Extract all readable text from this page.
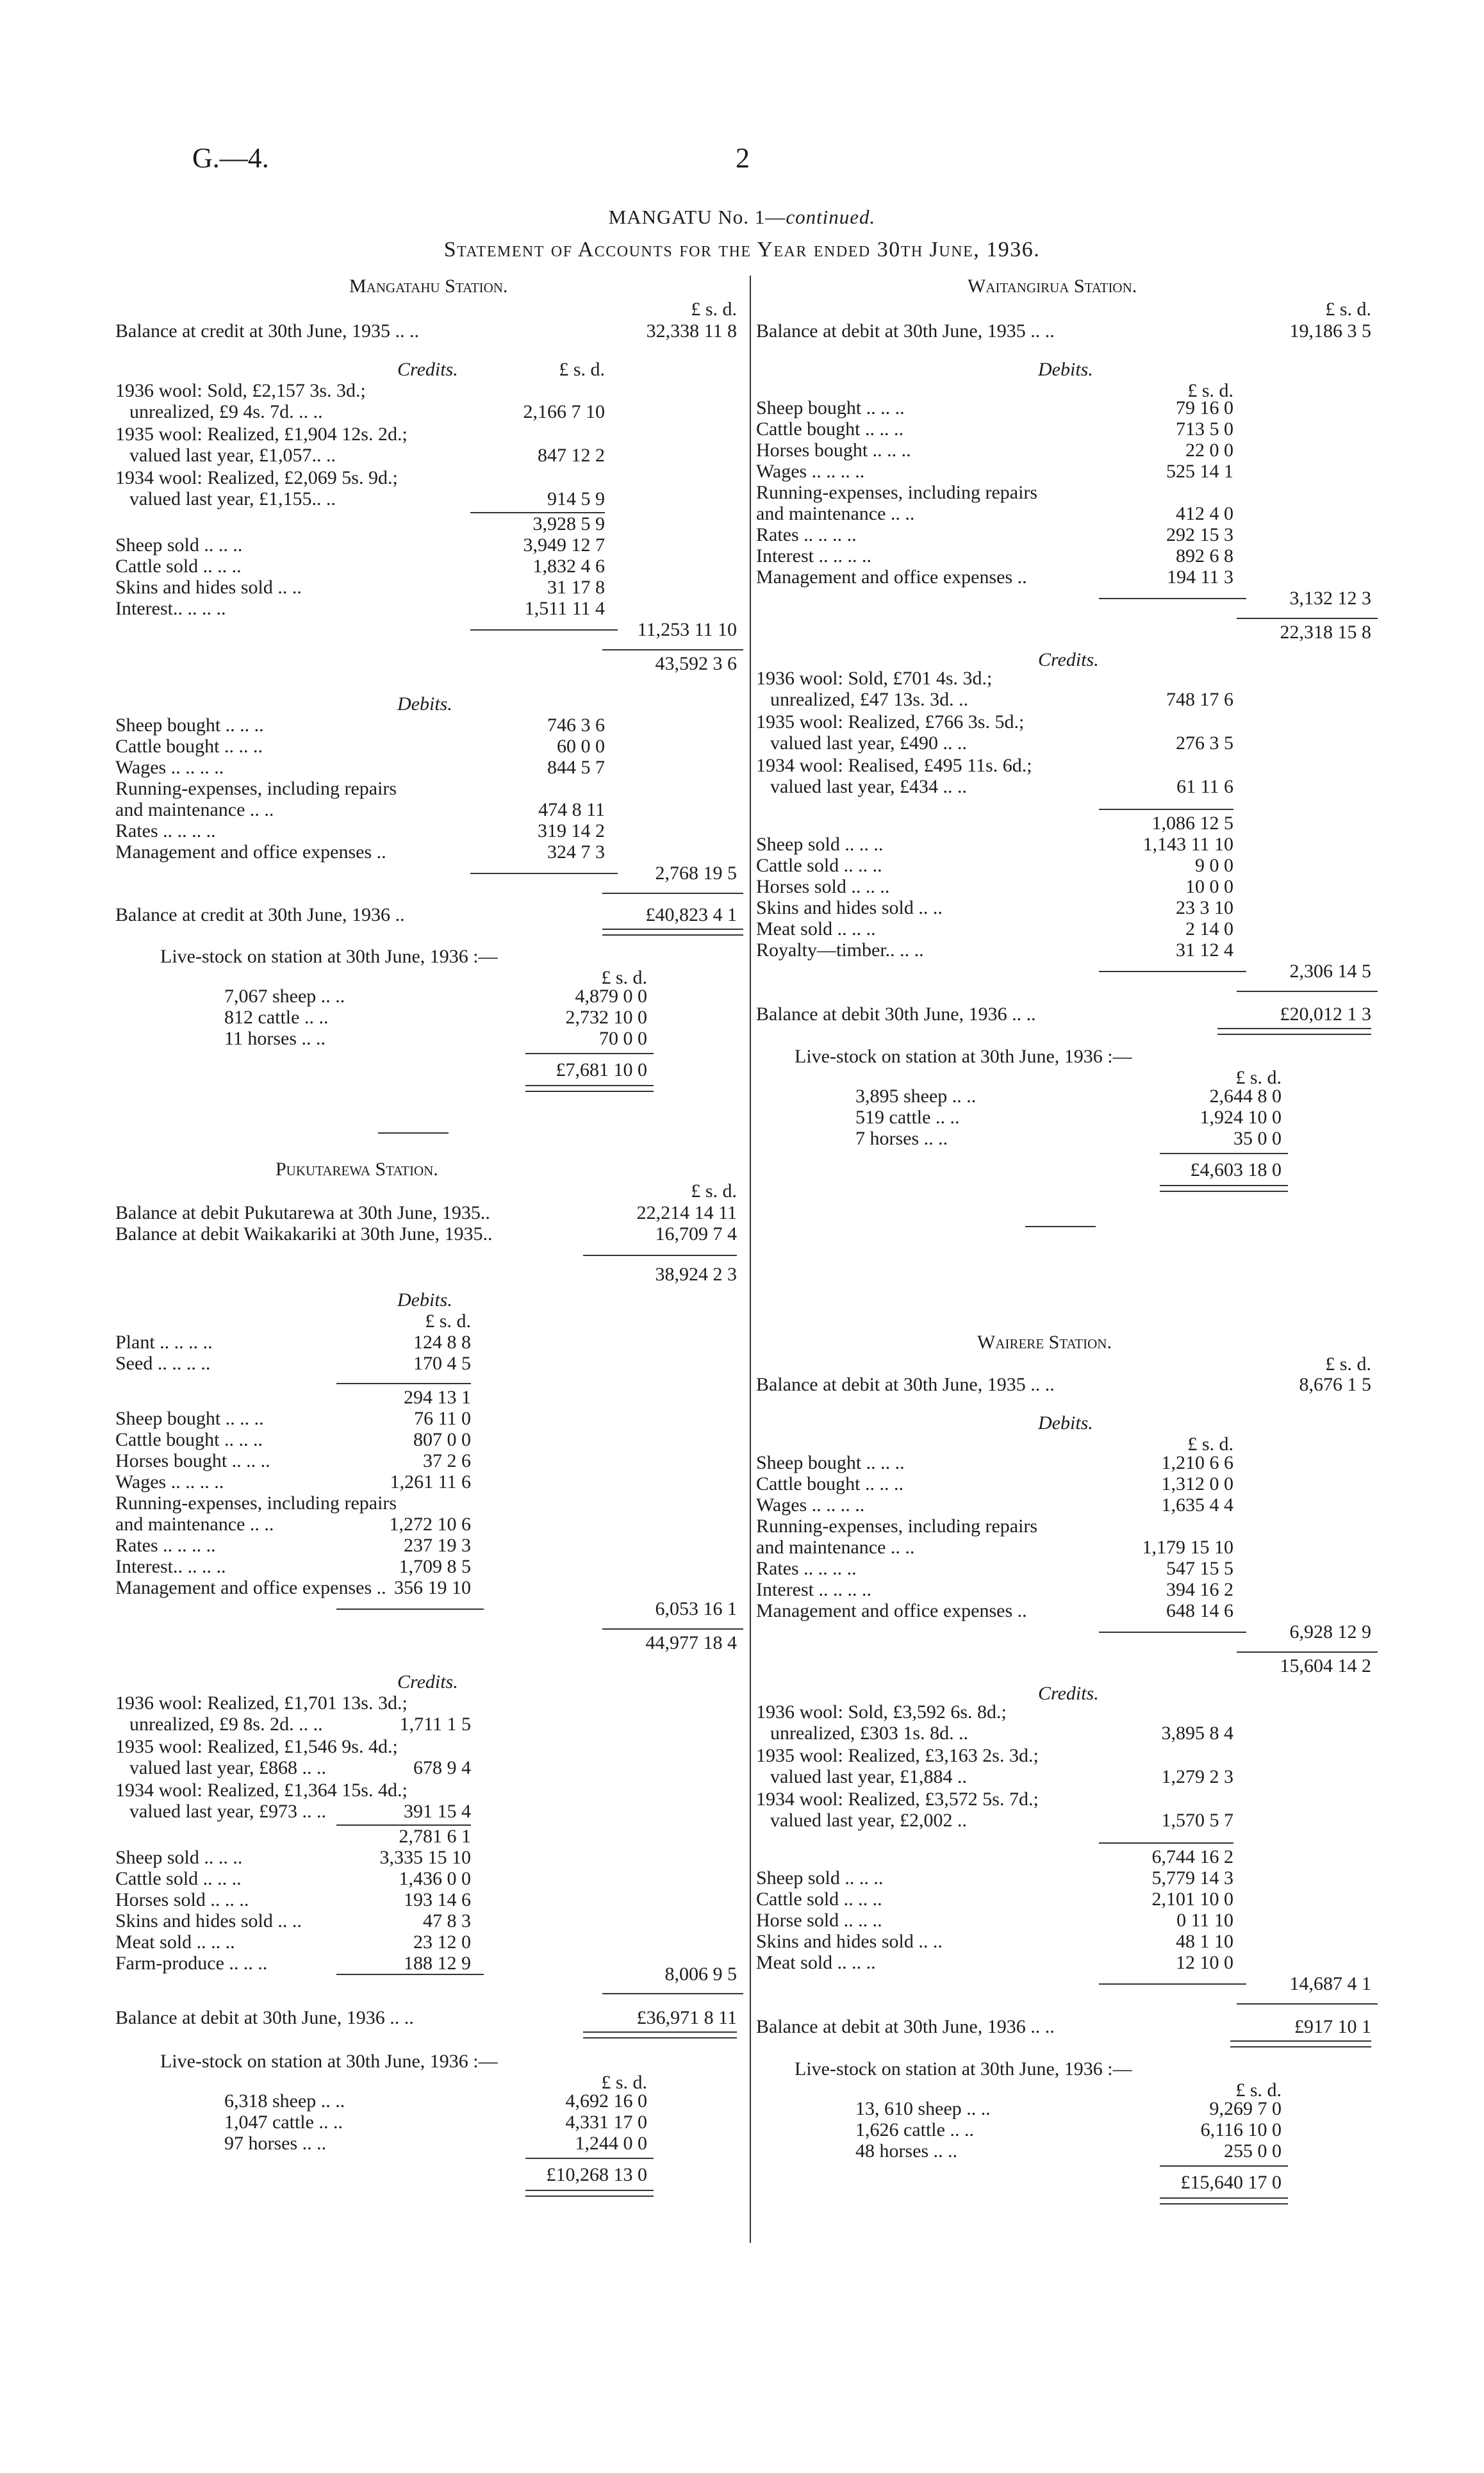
G.—4.	2
MANGATU No. 1—continued.
Statement of Accounts for the Year ended 30th June, 1936.
Mangatahu Station.
£ s. d.
Balance at credit at 30th June, 1935 .. ..	32,338 11 8
Credits.	£ s. d.
1936 wool: Sold, £2,157 3s. 3d.;
unrealized, £9 4s. 7d. .. ..	2,166 7 10
1935 wool: Realized, £1,904 12s. 2d.;
valued last year, £1,057.. ..	847 12 2
1934 wool: Realized, £2,069 5s. 9d.;
valued last year, £1,155.. ..	914 5 9
3,928 5 9
Sheep sold .. .. ..	3,949 12 7
Cattle sold .. .. ..	1,832 4 6
Skins and hides sold .. ..	31 17 8
Interest.. .. .. ..	1,511 11 4
11,253 11 10
43,592 3 6
Debits.
Sheep bought .. .. ..	746 3 6
Cattle bought .. .. ..	60 0 0
Wages .. .. .. ..	844 5 7
Running-expenses, including repairs
and maintenance .. ..	474 8 11
Rates .. .. .. ..	319 14 2
Management and office expenses ..	324 7 3
2,768 19 5
Balance at credit at 30th June, 1936 ..	£40,823 4 1
Live-stock on station at 30th June, 1936 :—
£ s. d.
7,067 sheep .. ..	4,879 0 0
812 cattle .. ..	2,732 10 0
11 horses .. ..	70 0 0
£7,681 10 0
Pukutarewa Station.
£ s. d.
Balance at debit Pukutarewa at 30th June, 1935..	22,214 14 11
Balance at debit Waikakariki at 30th June, 1935..	16,709 7 4
38,924 2 3
Debits.
£ s. d.
Plant .. .. .. ..	124 8 8
Seed .. .. .. ..	170 4 5
294 13 1
Sheep bought .. .. ..	76 11 0
Cattle bought .. .. ..	807 0 0
Horses bought .. .. ..	37 2 6
Wages .. .. .. ..	1,261 11 6
Running-expenses, including repairs
and maintenance .. ..	1,272 10 6
Rates .. .. .. ..	237 19 3
Interest.. .. .. ..	1,709 8 5
Management and office expenses .. 356 19 10
6,053 16 1
44,977 18 4
Credits.
1936 wool: Realized, £1,701 13s. 3d.;
unrealized, £9 8s. 2d. .. ..	1,711 1 5
1935 wool: Realized, £1,546 9s. 4d.;
valued last year, £868 .. ..	678 9 4
1934 wool: Realized, £1,364 15s. 4d.;
valued last year, £973 .. ..	391 15 4
2,781 6 1
Sheep sold .. .. ..	3,335 15 10
Cattle sold .. .. ..	1,436 0 0
Horses sold .. .. ..	193 14 6
Skins and hides sold .. ..	47 8 3
Meat sold .. .. ..	23 12 0
Farm-produce .. .. ..	188 12 9
8,006 9 5
Balance at debit at 30th June, 1936 .. ..	£36,971 8 11
Live-stock on station at 30th June, 1936 :—
£ s. d.
6,318 sheep .. ..	4,692 16 0
1,047 cattle .. ..	4,331 17 0
97 horses .. ..	1,244 0 0
£10,268 13 0
Waitangirua Station.
£ s. d.
Balance at debit at 30th June, 1935 .. ..	19,186 3 5
Debits.
£ s. d.
Sheep bought .. .. ..	79 16 0
Cattle bought .. .. ..	713 5 0
Horses bought .. .. ..	22 0 0
Wages .. .. .. ..	525 14 1
Running-expenses, including repairs
and maintenance .. ..	412 4 0
Rates .. .. .. ..	292 15 3
Interest .. .. .. ..	892 6 8
Management and office expenses ..	194 11 3
3,132 12 3
22,318 15 8
Credits.
1936 wool: Sold, £701 4s. 3d.;
unrealized, £47 13s. 3d. ..	748 17 6
1935 wool: Realized, £766 3s. 5d.;
valued last year, £490 .. ..	276 3 5
1934 wool: Realised, £495 11s. 6d.;
valued last year, £434 .. ..	61 11 6
1,086 12 5
Sheep sold .. .. ..	1,143 11 10
Cattle sold .. .. ..	9 0 0
Horses sold .. .. ..	10 0 0
Skins and hides sold .. ..	23 3 10
Meat sold .. .. ..	2 14 0
Royalty—timber.. .. ..	31 12 4
2,306 14 5
Balance at debit 30th June, 1936 .. ..	£20,012 1 3
Live-stock on station at 30th June, 1936 :—
£ s. d.
3,895 sheep .. ..	2,644 8 0
519 cattle .. ..	1,924 10 0
7 horses .. ..	35 0 0
£4,603 18 0
Wairere Station.
£ s. d.
Balance at debit at 30th June, 1935 .. ..	8,676 1 5
Debits.
£ s. d.
Sheep bought .. .. ..	1,210 6 6
Cattle bought .. .. ..	1,312 0 0
Wages .. .. .. ..	1,635 4 4
Running-expenses, including repairs
and maintenance .. ..	1,179 15 10
Rates .. .. .. ..	547 15 5
Interest .. .. .. ..	394 16 2
Management and office expenses ..	648 14 6
6,928 12 9
15,604 14 2
Credits.
1936 wool: Sold, £3,592 6s. 8d.;
unrealized, £303 1s. 8d. ..	3,895 8 4
1935 wool: Realized, £3,163 2s. 3d.;
valued last year, £1,884 ..	1,279 2 3
1934 wool: Realized, £3,572 5s. 7d.;
valued last year, £2,002 ..	1,570 5 7
6,744 16 2
Sheep sold .. .. ..	5,779 14 3
Cattle sold .. .. ..	2,101 10 0
Horse sold .. .. ..	0 11 10
Skins and hides sold .. ..	48 1 10
Meat sold .. .. ..	12 10 0
14,687 4 1
Balance at debit at 30th June, 1936 .. ..	£917 10 1
Live-stock on station at 30th June, 1936 :—
£ s. d.
13, 610 sheep .. ..	9,269 7 0
1,626 cattle .. ..	6,116 10 0
48 horses .. ..	255 0 0
£15,640 17 0
